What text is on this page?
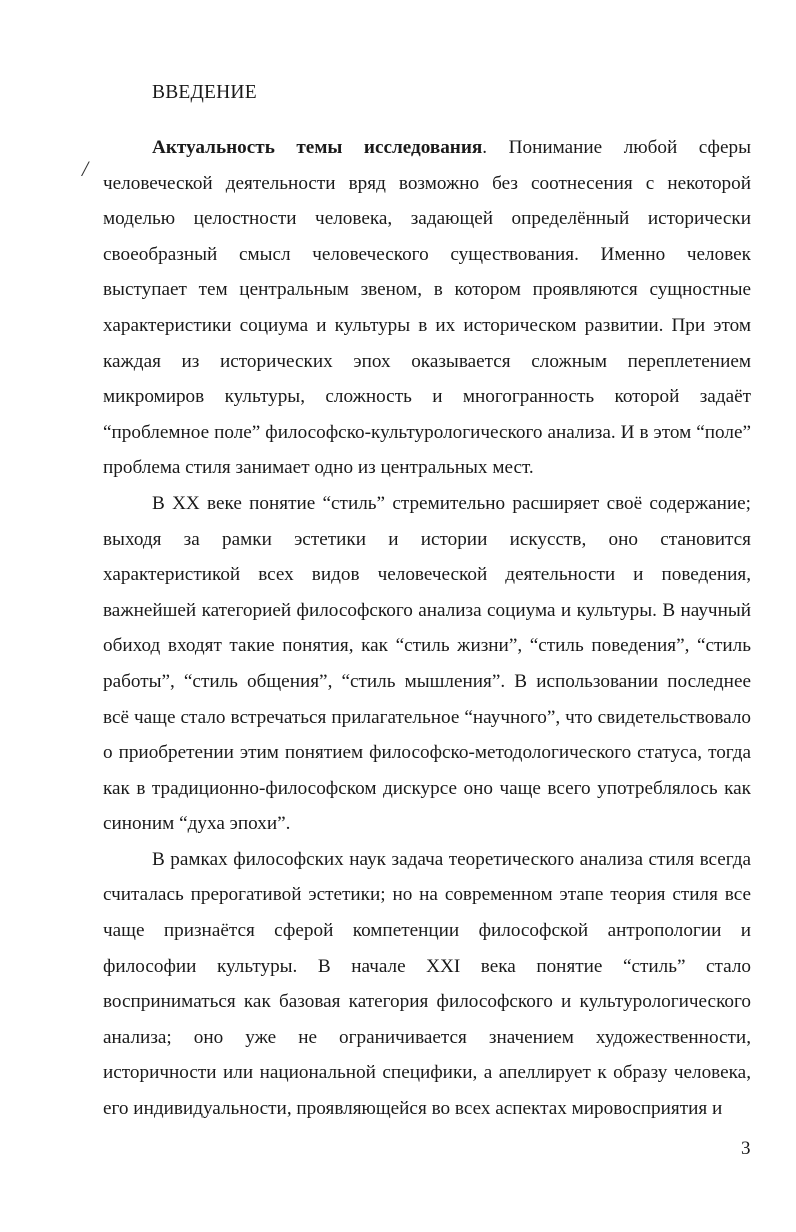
ВВЕДЕНИЕ
/

Актуальность темы исследования. Понимание любой сферы человеческой деятельности вряд возможно без соотнесения с некоторой моделью целостности человека, задающей определённый исторически своеобразный смысл человеческого существования. Именно человек выступает тем центральным звеном, в котором проявляются сущностные характеристики социума и культуры в их историческом развитии. При этом каждая из исторических эпох оказывается сложным переплетением микромиров культуры, сложность и многогранность которой задаёт “проблемное поле” философско-культурологического анализа. И в этом “поле” проблема стиля занимает одно из центральных мест.

В XX веке понятие “стиль” стремительно расширяет своё содержание; выходя за рамки эстетики и истории искусств, оно становится характеристикой всех видов человеческой деятельности и поведения, важнейшей категорией философского анализа социума и культуры. В научный обиход входят такие понятия, как “стиль жизни”, “стиль поведения”, “стиль работы”, “стиль общения”, “стиль мышления”. В использовании последнее всё чаще стало встречаться прилагательное “научного”, что свидетельствовало о приобретении этим понятием философско-методологического статуса, тогда как в традиционно-философском дискурсе оно чаще всего употреблялось как синоним “духа эпохи”.

В рамках философских наук задача теоретического анализа стиля всегда считалась прерогативой эстетики; но на современном этапе теория стиля все чаще признаётся сферой компетенции философской антропологии и философии культуры. В начале XXI века понятие “стиль” стало восприниматься как базовая категория философского и культурологического анализа; оно уже не ограничивается значением художественности, историчности или национальной специфики, а апеллирует к образу человека, его индивидуальности, проявляющейся во всех аспектах мировосприятия и

3
